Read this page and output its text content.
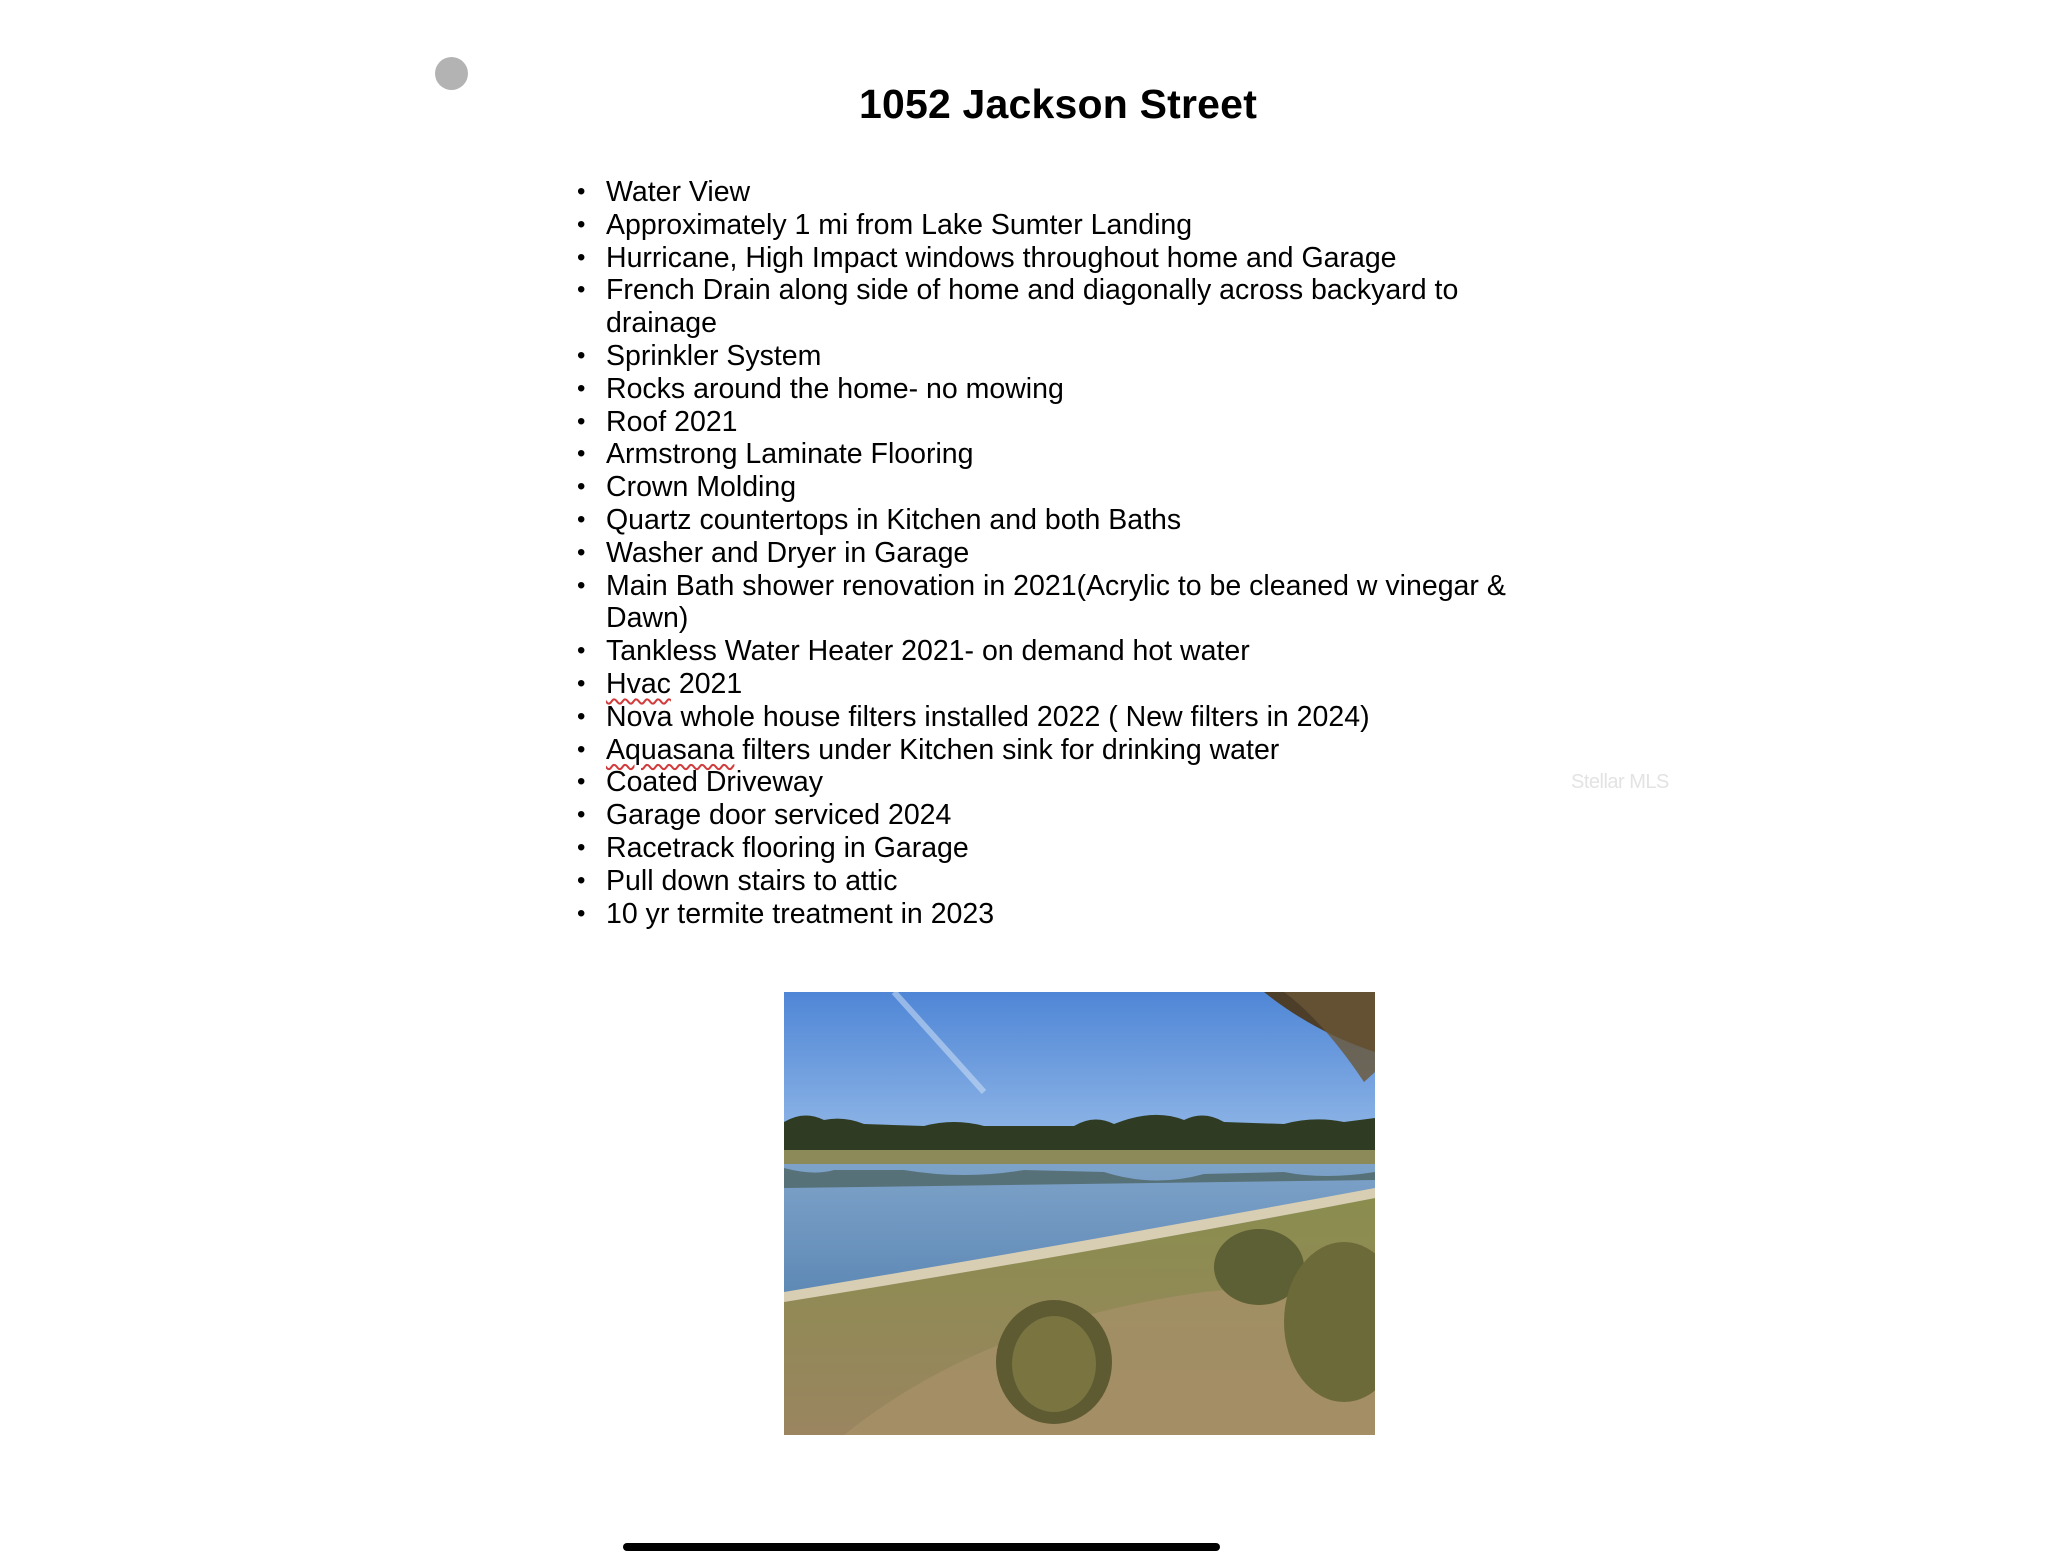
1052 Jackson Street
• Water View
• Approximately 1 mi from Lake Sumter Landing
• Hurricane, High Impact windows throughout home and Garage
• French Drain along side of home and diagonally across backyard to
drainage
• Sprinkler System
• Rocks around the home- no mowing
• Roof 2021
• Armstrong Laminate Flooring
• Crown Molding
• Quartz countertops in Kitchen and both Baths
• Washer and Dryer in Garage
• Main Bath shower renovation in 2021(Acrylic to be cleaned w vinegar &
Dawn)
• Tankless Water Heater 2021- on demand hot water
• Hvac 2021
• Nova whole house filters installed 2022 ( New filters in 2024)
• Aquasana filters under Kitchen sink for drinking water
• Coated Driveway
• Garage door serviced 2024
• Racetrack flooring in Garage
• Pull down stairs to attic
• 10 yr termite treatment in 2023
Stellar MLS
